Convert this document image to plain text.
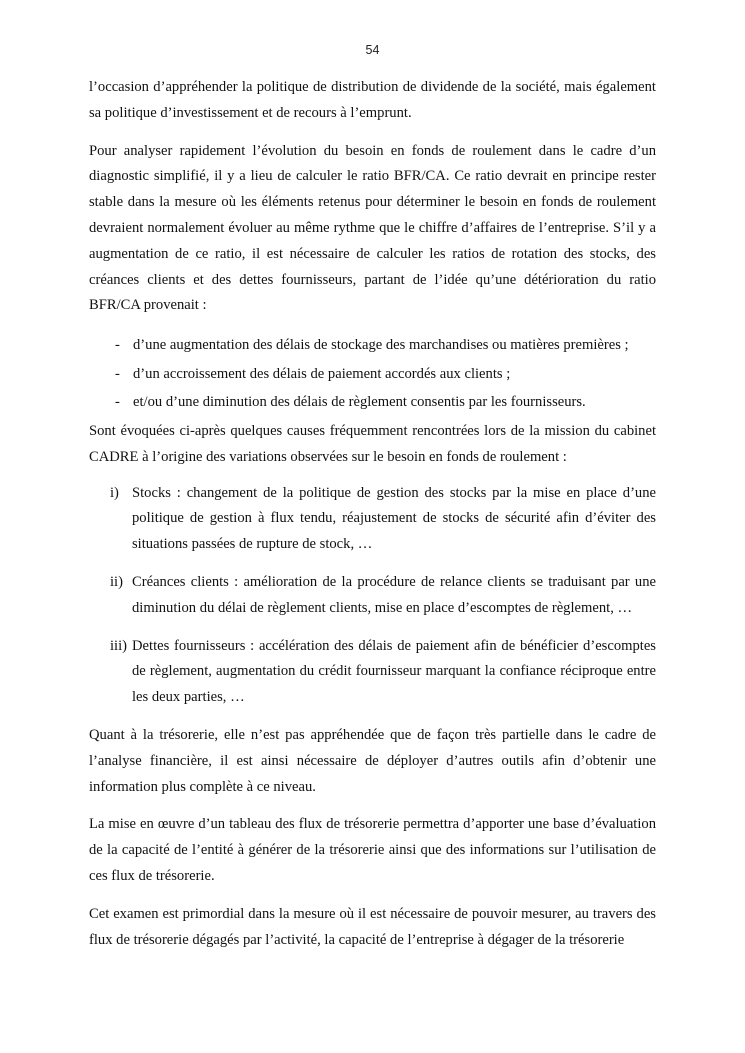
54

l’occasion d’appréhender la politique de distribution de dividende de la société, mais également sa politique d’investissement et de recours à l’emprunt.

Pour analyser rapidement l’évolution du besoin en fonds de roulement dans le cadre d’un diagnostic simplifié, il y a lieu de calculer le ratio BFR/CA. Ce ratio devrait en principe rester stable dans la mesure où les éléments retenus pour déterminer le besoin en fonds de roulement devraient normalement évoluer au même rythme que le chiffre d’affaires de l’entreprise. S’il y a augmentation de ce ratio, il est nécessaire de calculer les ratios de rotation des stocks, des créances clients et des dettes fournisseurs, partant de l’idée qu’une détérioration du ratio BFR/CA provenait :

- d’une augmentation des délais de stockage des marchandises ou matières premières ;
- d’un accroissement des délais de paiement accordés aux clients ;
- et/ou d’une diminution des délais de règlement consentis par les fournisseurs.

Sont évoquées ci-après quelques causes fréquemment rencontrées lors de la mission du cabinet CADRE à l’origine des variations observées sur le besoin en fonds de roulement :

i) Stocks : changement de la politique de gestion des stocks par la mise en place d’une politique de gestion à flux tendu, réajustement de stocks de sécurité afin d’éviter des situations passées de rupture de stock, …
ii) Créances clients : amélioration de la procédure de relance clients se traduisant par une diminution du délai de règlement clients, mise en place d’escomptes de règlement, …
iii) Dettes fournisseurs : accélération des délais de paiement afin de bénéficier d’escomptes de règlement, augmentation du crédit fournisseur marquant la confiance réciproque entre les deux parties, …

Quant à la trésorerie, elle n’est pas appréhendée que de façon très partielle dans le cadre de l’analyse financière, il est ainsi nécessaire de déployer d’autres outils afin d’obtenir une information plus complète à ce niveau.

La mise en œuvre d’un tableau des flux de trésorerie permettra d’apporter une base d’évaluation de la capacité de l’entité à générer de la trésorerie ainsi que des informations sur l’utilisation de ces flux de trésorerie.

Cet examen est primordial dans la mesure où il est nécessaire de pouvoir mesurer, au travers des flux de trésorerie dégagés par l’activité, la capacité de l’entreprise à dégager de la trésorerie
